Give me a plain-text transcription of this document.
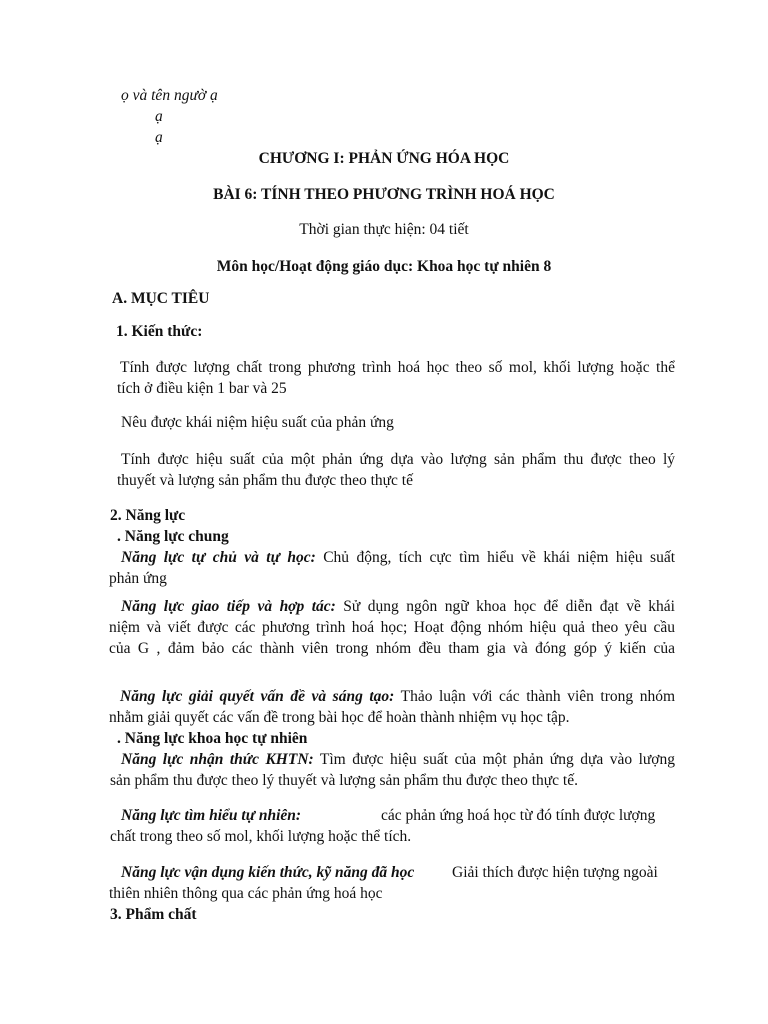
ọ và tên ngườ ạ
ạ
ạ
CHƯƠNG I: PHẢN ỨNG HÓA HỌC
BÀI 6: TÍNH THEO PHƯƠNG TRÌNH HOÁ HỌC
Thời gian thực hiện: 04 tiết
Môn học/Hoạt động giáo dục: Khoa học tự nhiên 8
A. MỤC TIÊU
1. Kiến thức:
Tính được lượng chất trong phương trình hoá học theo số mol, khối lượng hoặc thể
tích ở điều kiện 1 bar và 25
Nêu được khái niệm hiệu suất của phản ứng
Tính được hiệu suất của một phản ứng dựa vào lượng sản phẩm thu được theo lý
thuyết và lượng sản phẩm thu được theo thực tế
2. Năng lực
. Năng lực chung
Năng lực tự chủ và tự học: Chủ động, tích cực tìm hiểu về khái niệm hiệu suất
phản ứng
Năng lực giao tiếp và hợp tác: Sử dụng ngôn ngữ khoa học để diễn đạt về khái
niệm và viết được các phương trình hoá học; Hoạt động nhóm hiệu quả theo yêu cầu
của G , đảm bảo các thành viên trong nhóm đều tham gia và đóng góp ý kiến của
Năng lực giải quyết vấn đề và sáng tạo: Thảo luận với các thành viên trong nhóm
nhằm giải quyết các vấn đề trong bài học để hoàn thành nhiệm vụ học tập.
. Năng lực khoa học tự nhiên
Năng lực nhận thức KHTN: Tìm được hiệu suất của một phản ứng dựa vào lượng
sản phẩm thu được theo lý thuyết và lượng sản phẩm thu được theo thực tế.
Năng lực tìm hiểu tự nhiên:	các phản ứng hoá học từ đó tính được lượng
chất trong theo số mol, khối lượng hoặc thể tích.
Năng lực vận dụng kiến thức, kỹ năng đã học Giải thích được hiện tượng ngoài
thiên nhiên thông qua các phản ứng hoá học
3. Phẩm chất
